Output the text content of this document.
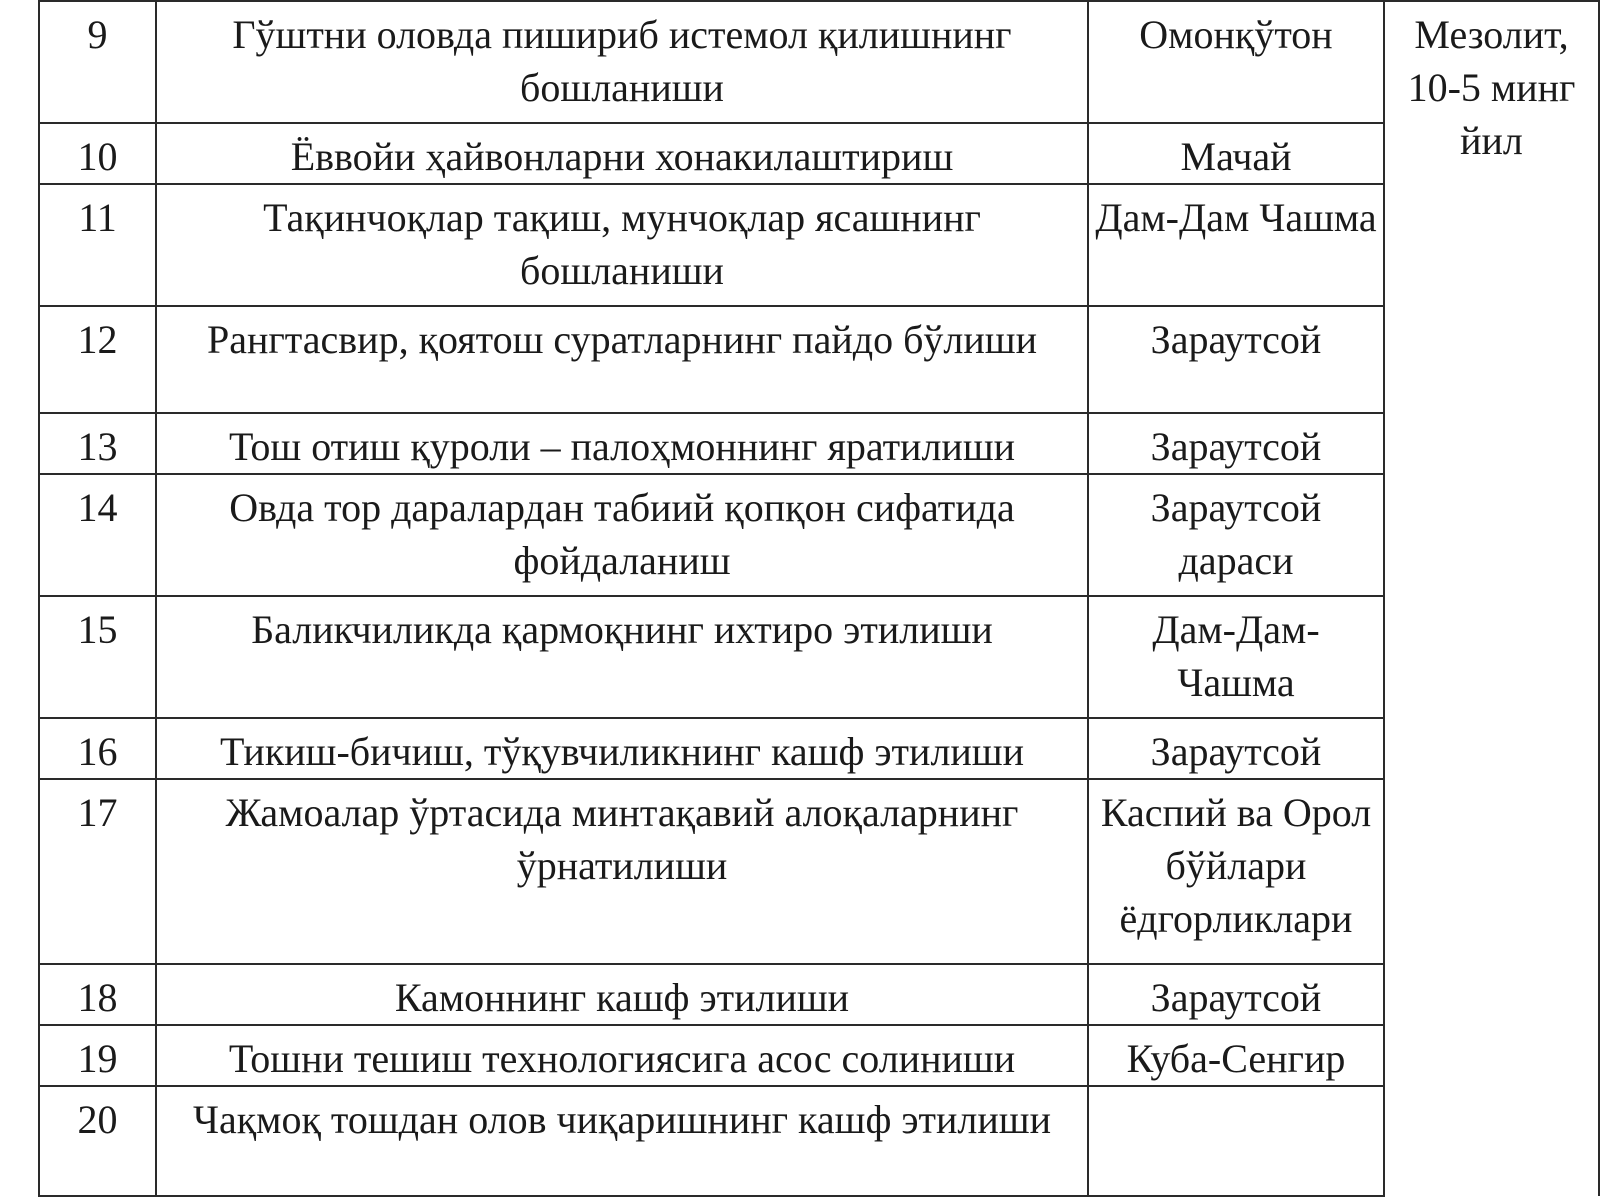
9	Гўштни оловда пишириб истемол қилишнинг бошланиши	Омонқўтон	Мезолит, 10-5 минг йил
10	Ёввойи ҳайвонларни хонакилаштириш	Мачай	
11	Тақинчоқлар тақиш, мунчоқлар ясашнинг бошланиши	Дам-Дам Чашма	
12	Рангтасвир, қоятош суратларнинг пайдо бўлиши	Зараутсой	
13	Тош отиш қуроли – палоҳмоннинг яратилиши	Зараутсой	
14	Овда тор даралардан табиий қопқон сифатида фойдаланиш	Зараутсой дараси	
15	Баликчиликда қармоқнинг ихтиро этилиши	Дам-Дам-Чашма	
16	Тикиш-бичиш, тўқувчиликнинг кашф этилиши	Зараутсой	
17	Жамоалар ўртасида минтақавий алоқаларнинг ўрнатилиши	Каспий ва Орол бўйлари ёдгорликлари	
18	Камоннинг кашф этилиши	Зараутсой	
19	Тошни тешиш технологиясига асос солиниши	Куба-Сенгир	
20	Чақмоқ тошдан олов чиқаришнинг кашф этилиши		
